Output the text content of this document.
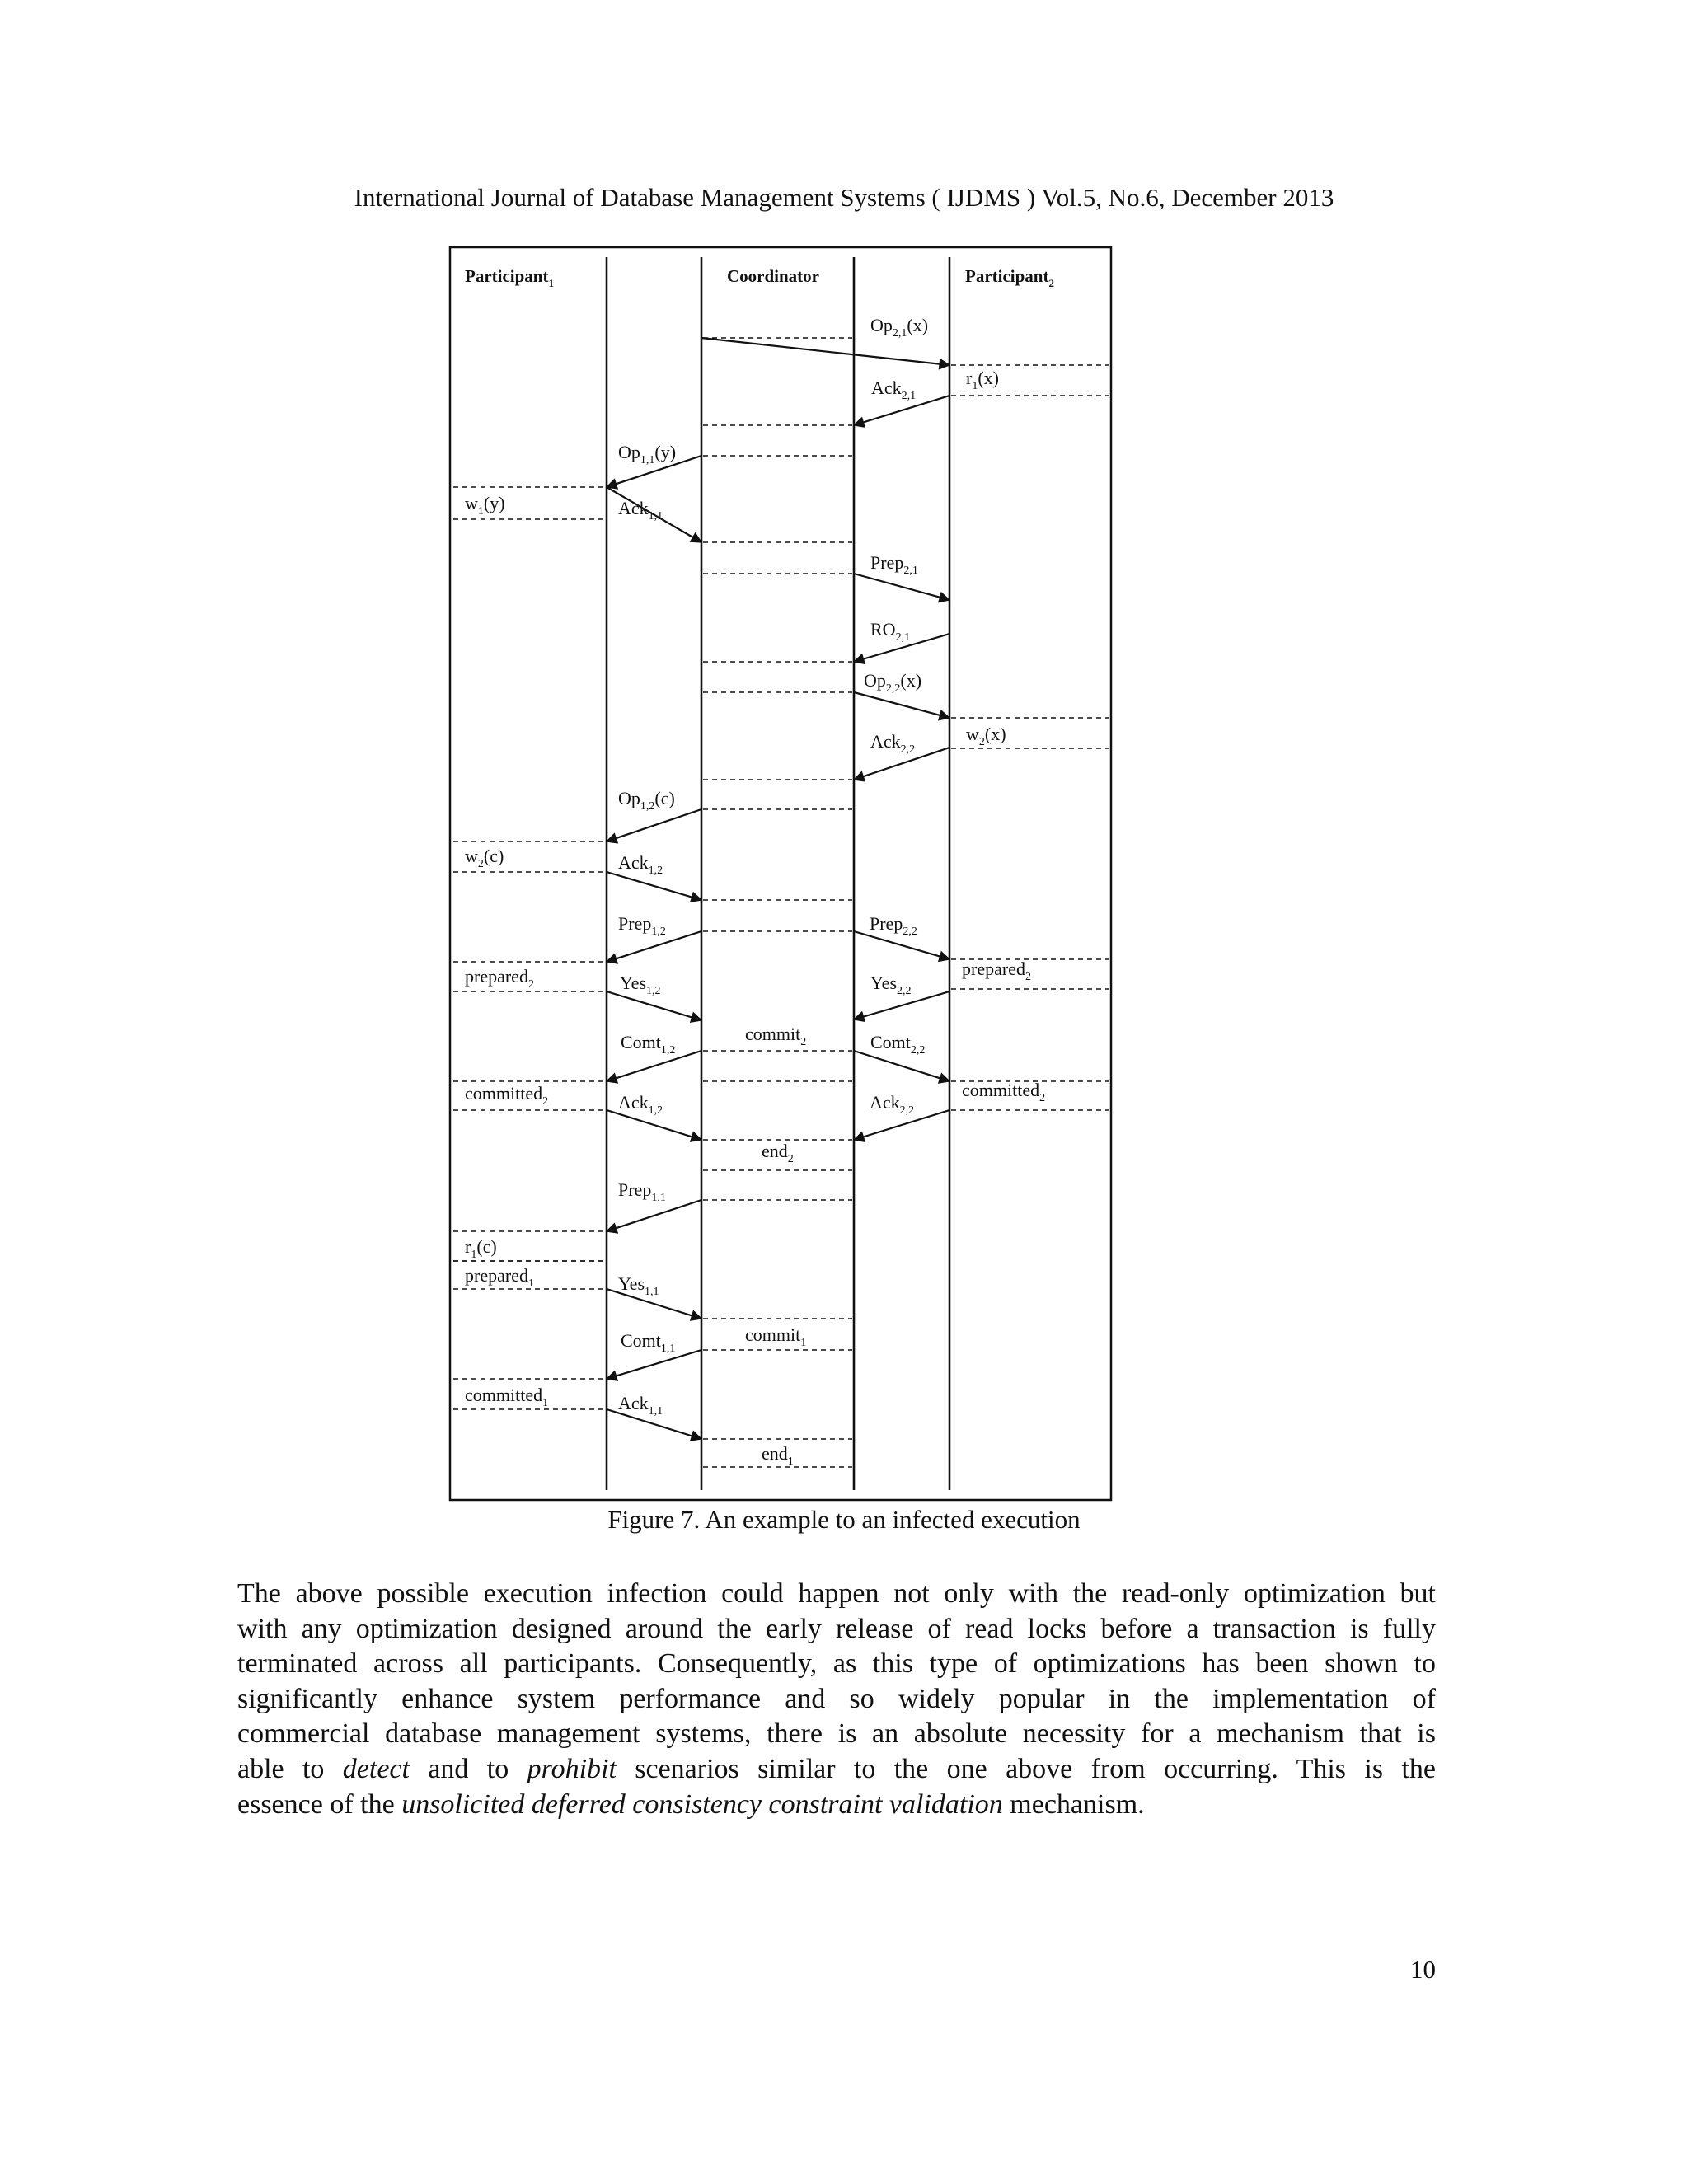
International Journal of Database Management Systems ( IJDMS ) Vol.5, No.6, December 2013
Participant$_1$	Coordinator	Participant$_2$
$r_1(x)$
$w_1(y)$
$w_2(x)$
$w_2(c)$
prepared$_2$
prepared$_2$
commit$_2$
committed$_2$
committed$_2$
end$_2$
$r_1(c)$
prepared$_1$
commit$_1$
committed$_1$
end$_1$
$Op_{2,1}(x)$
Ack$_{2,1}$
$Op_{1,1}(y)$
Ack$_{1,1}$
Prep$_{2,1}$
$RO_{2,1}$
$Op_{2,2}(x)$
Ack$_{2,2}$
$Op_{1,2}(c)$
Ack$_{1,2}$
Prep$_{1,2}$	Prep$_{2,2}$
Yes$_{1,2}$	Yes$_{2,2}$
Comt$_{1,2}$	Comt$_{2,2}$
Ack$_{1,2}$	Ack$_{2,2}$
Prep$_{1,1}$
Yes$_{1,1}$
Comt$_{1,1}$
Ack$_{1,1}$
Figure 7. An example to an infected execution

The above possible execution infection could happen not only with the read-only optimization but
with any optimization designed around the early release of read locks before a transaction is fully
terminated across all participants. Consequently, as this type of optimizations has been shown to
significantly enhance system performance and so widely popular in the implementation of
commercial database management systems, there is an absolute necessity for a mechanism that is
able to detect and to prohibit scenarios similar to the one above from occurring. This is the
essence of the unsolicited deferred consistency constraint validation mechanism.

10
